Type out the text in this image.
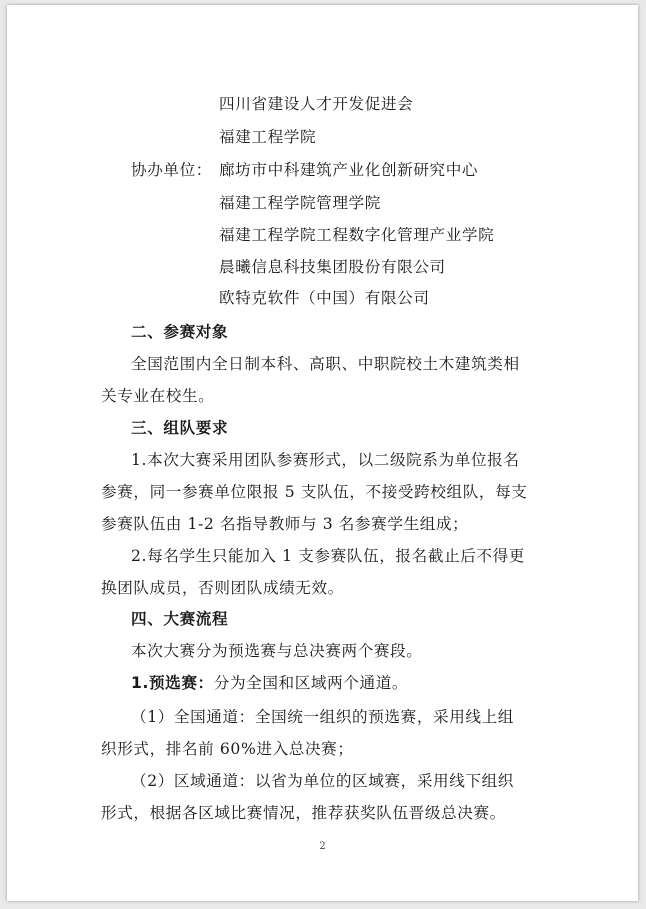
四川省建设人才开发促进会
福建工程学院
协办单位： 廊坊市中科建筑产业化创新研究中心
福建工程学院管理学院
福建工程学院工程数字化管理产业学院
晨曦信息科技集团股份有限公司
欧特克软件（中国）有限公司
二、参赛对象
全国范围内全日制本科、高职、中职院校土木建筑类相
关专业在校生。
三、组队要求
1.本次大赛采用团队参赛形式，以二级院系为单位报名
参赛，同一参赛单位限报 5 支队伍，不接受跨校组队，每支
参赛队伍由 1-2 名指导教师与 3 名参赛学生组成；
2.每名学生只能加入 1 支参赛队伍，报名截止后不得更
换团队成员，否则团队成绩无效。
四、大赛流程
本次大赛分为预选赛与总决赛两个赛段。
1.预选赛：分为全国和区域两个通道。
（1）全国通道：全国统一组织的预选赛，采用线上组
织形式，排名前 60%进入总决赛；
（2）区域通道：以省为单位的区域赛，采用线下组织
形式，根据各区域比赛情况，推荐获奖队伍晋级总决赛。
2
